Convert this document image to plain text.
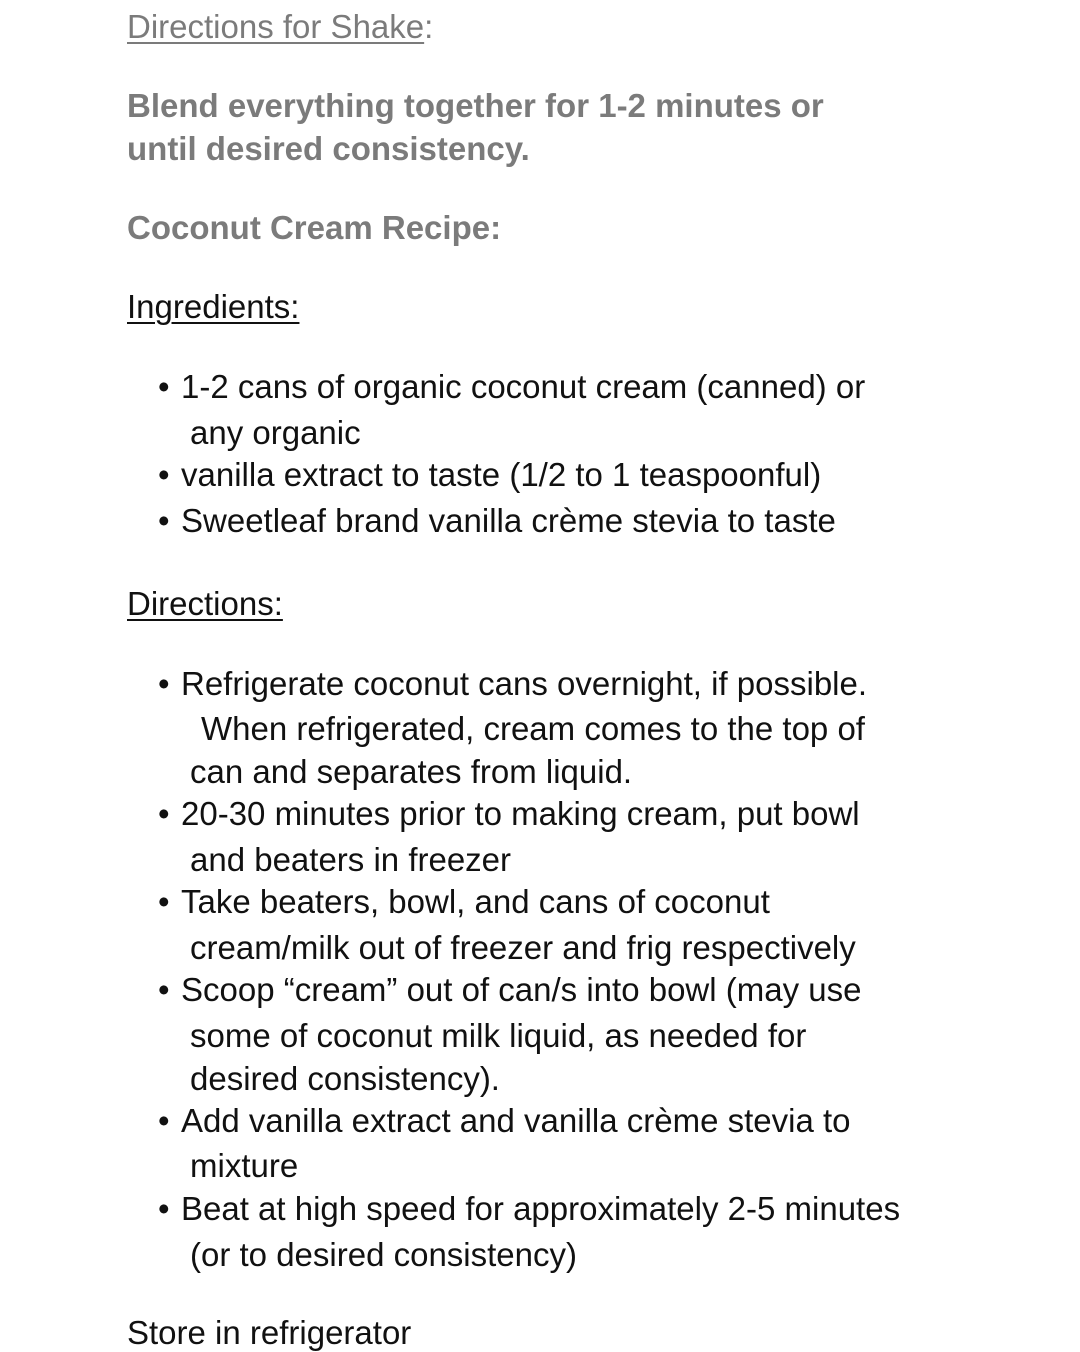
Directions for Shake:
Blend everything together for 1-2 minutes or
until desired consistency.
Coconut Cream Recipe:
Ingredients:
• 1-2 cans of organic coconut cream (canned) or
any organic
• vanilla extract to taste (1/2 to 1 teaspoonful)
• Sweetleaf brand vanilla crème stevia to taste
Directions:
• Refrigerate coconut cans overnight, if possible.
When refrigerated, cream comes to the top of
can and separates from liquid.
• 20-30 minutes prior to making cream, put bowl
and beaters in freezer
• Take beaters, bowl, and cans of coconut
cream/milk out of freezer and frig respectively
• Scoop “cream” out of can/s into bowl (may use
some of coconut milk liquid, as needed for
desired consistency).
• Add vanilla extract and vanilla crème stevia to
mixture
• Beat at high speed for approximately 2-5 minutes
(or to desired consistency)
Store in refrigerator
